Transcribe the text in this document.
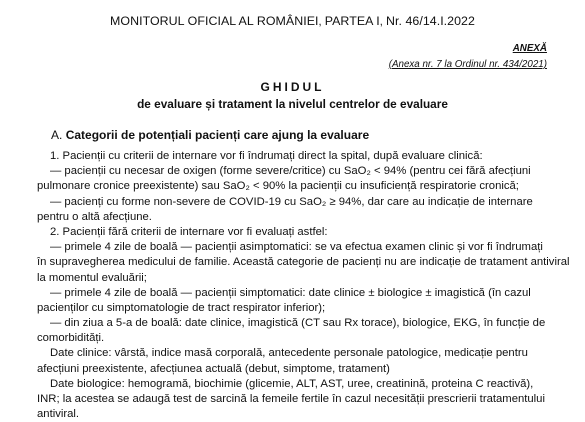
MONITORUL OFICIAL AL ROMÂNIEI, PARTEA I, Nr. 46/14.I.2022
ANEXĂ
(Anexa nr. 7 la Ordinul nr. 434/2021)
GHIDUL
de evaluare și tratament la nivelul centrelor de evaluare
A. Categorii de potențiali pacienți care ajung la evaluare
1. Pacienții cu criterii de internare vor fi îndrumați direct la spital, după evaluare clinică:
— pacienții cu necesar de oxigen (forme severe/critice) cu SaO₂ < 94% (pentru cei fără afecțiuni
pulmonare cronice preexistente) sau SaO₂ < 90% la pacienții cu insuficiență respiratorie cronică;
— pacienți cu forme non-severe de COVID-19 cu SaO₂ ≥ 94%, dar care au indicație de internare
pentru o altă afecțiune.
2. Pacienții fără criterii de internare vor fi evaluați astfel:
— primele 4 zile de boală — pacienții asimptomatici: se va efectua examen clinic și vor fi îndrumați
în supravegherea medicului de familie. Această categorie de pacienți nu are indicație de tratament antiviral
la momentul evaluării;
— primele 4 zile de boală — pacienții simptomatici: date clinice ± biologice ± imagistică (în cazul
pacienților cu simptomatologie de tract respirator inferior);
— din ziua a 5-a de boală: date clinice, imagistică (CT sau Rx torace), biologice, EKG, în funcție de
comorbidități.
Date clinice: vârstă, indice masă corporală, antecedente personale patologice, medicație pentru
afecțiuni preexistente, afecțiunea actuală (debut, simptome, tratament)
Date biologice: hemogramă, biochimie (glicemie, ALT, AST, uree, creatinină, proteina C reactivă),
INR; la acestea se adaugă test de sarcină la femeile fertile în cazul necesității prescrierii tratamentului
antiviral.
